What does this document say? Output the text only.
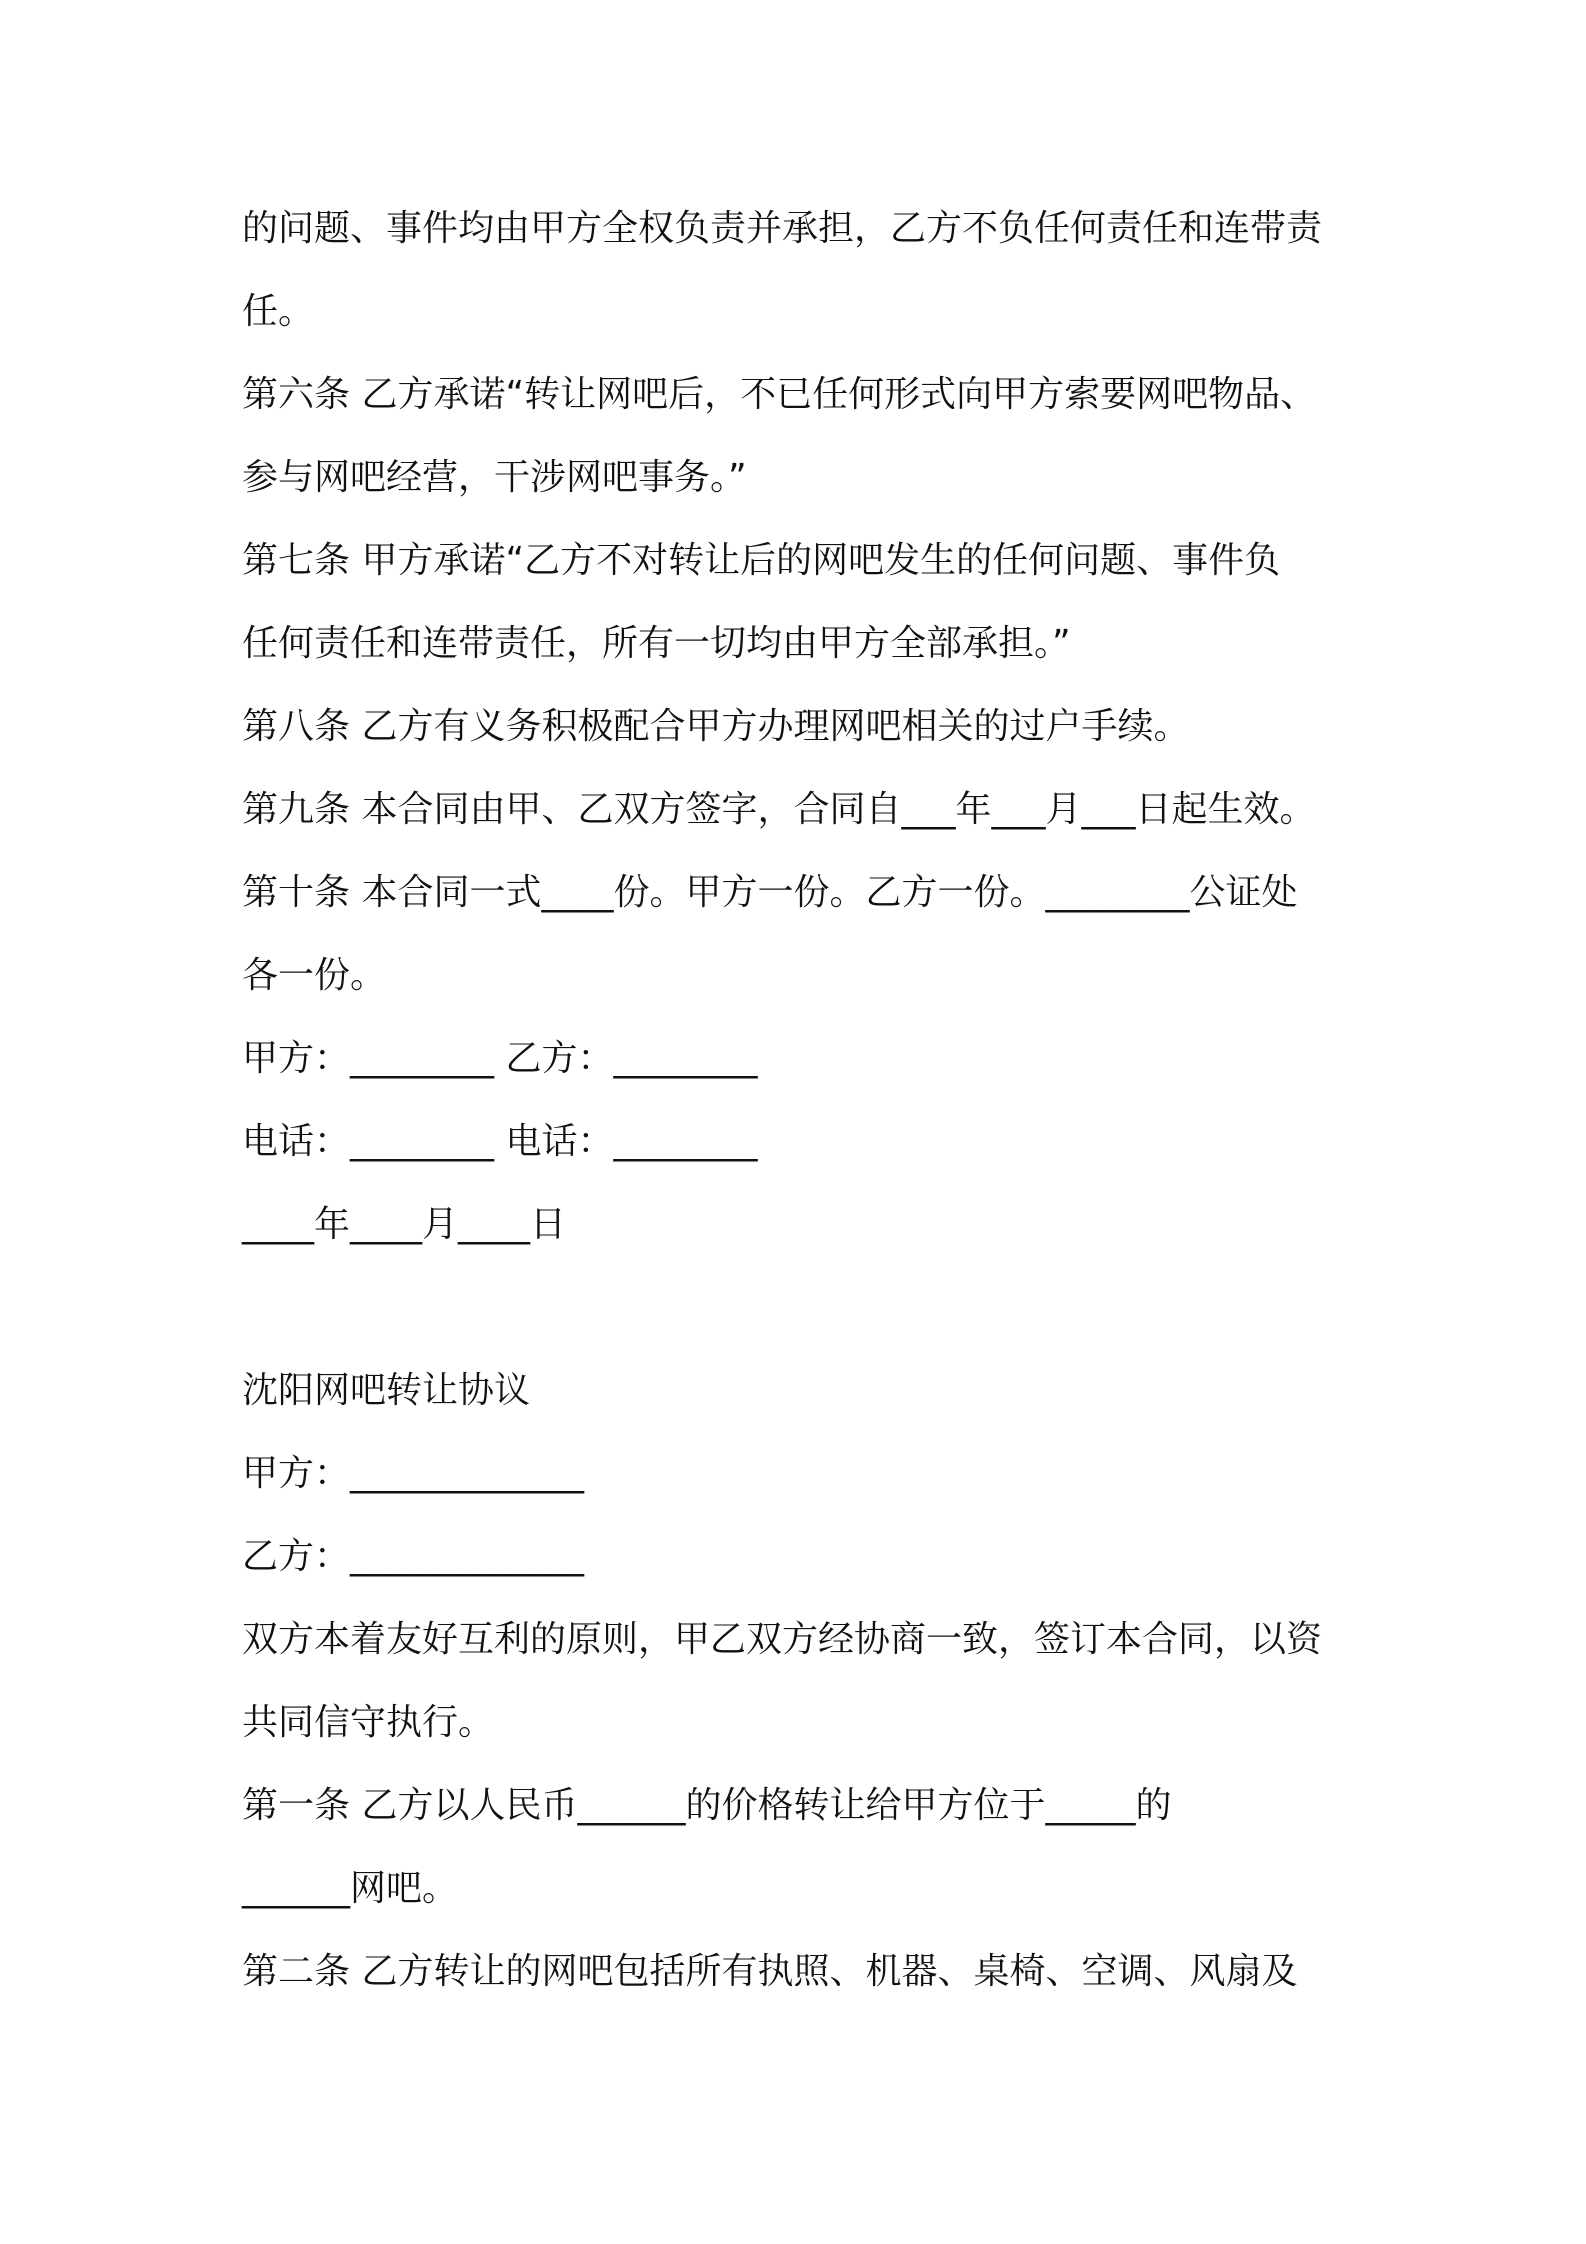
的问题、事件均由甲方全权负责并承担，乙方不负任何责任和连带责
任。
第六条 乙方承诺“转让网吧后，不已任何形式向甲方索要网吧物品、
参与网吧经营，干涉网吧事务。”
第七条 甲方承诺“乙方不对转让后的网吧发生的任何问题、事件负
任何责任和连带责任，所有一切均由甲方全部承担。”
第八条 乙方有义务积极配合甲方办理网吧相关的过户手续。
第九条 本合同由甲、乙双方签字，合同自___年___月___日起生效。
第十条 本合同一式____份。甲方一份。乙方一份。________公证处
各一份。
甲方：________ 乙方：________
电话：________ 电话：________
____年____月____日
沈阳网吧转让协议
甲方：_____________
乙方：_____________
双方本着友好互利的原则，甲乙双方经协商一致，签订本合同，以资
共同信守执行。
第一条 乙方以人民币______的价格转让给甲方位于_____的
______网吧。
第二条 乙方转让的网吧包括所有执照、机器、桌椅、空调、风扇及
